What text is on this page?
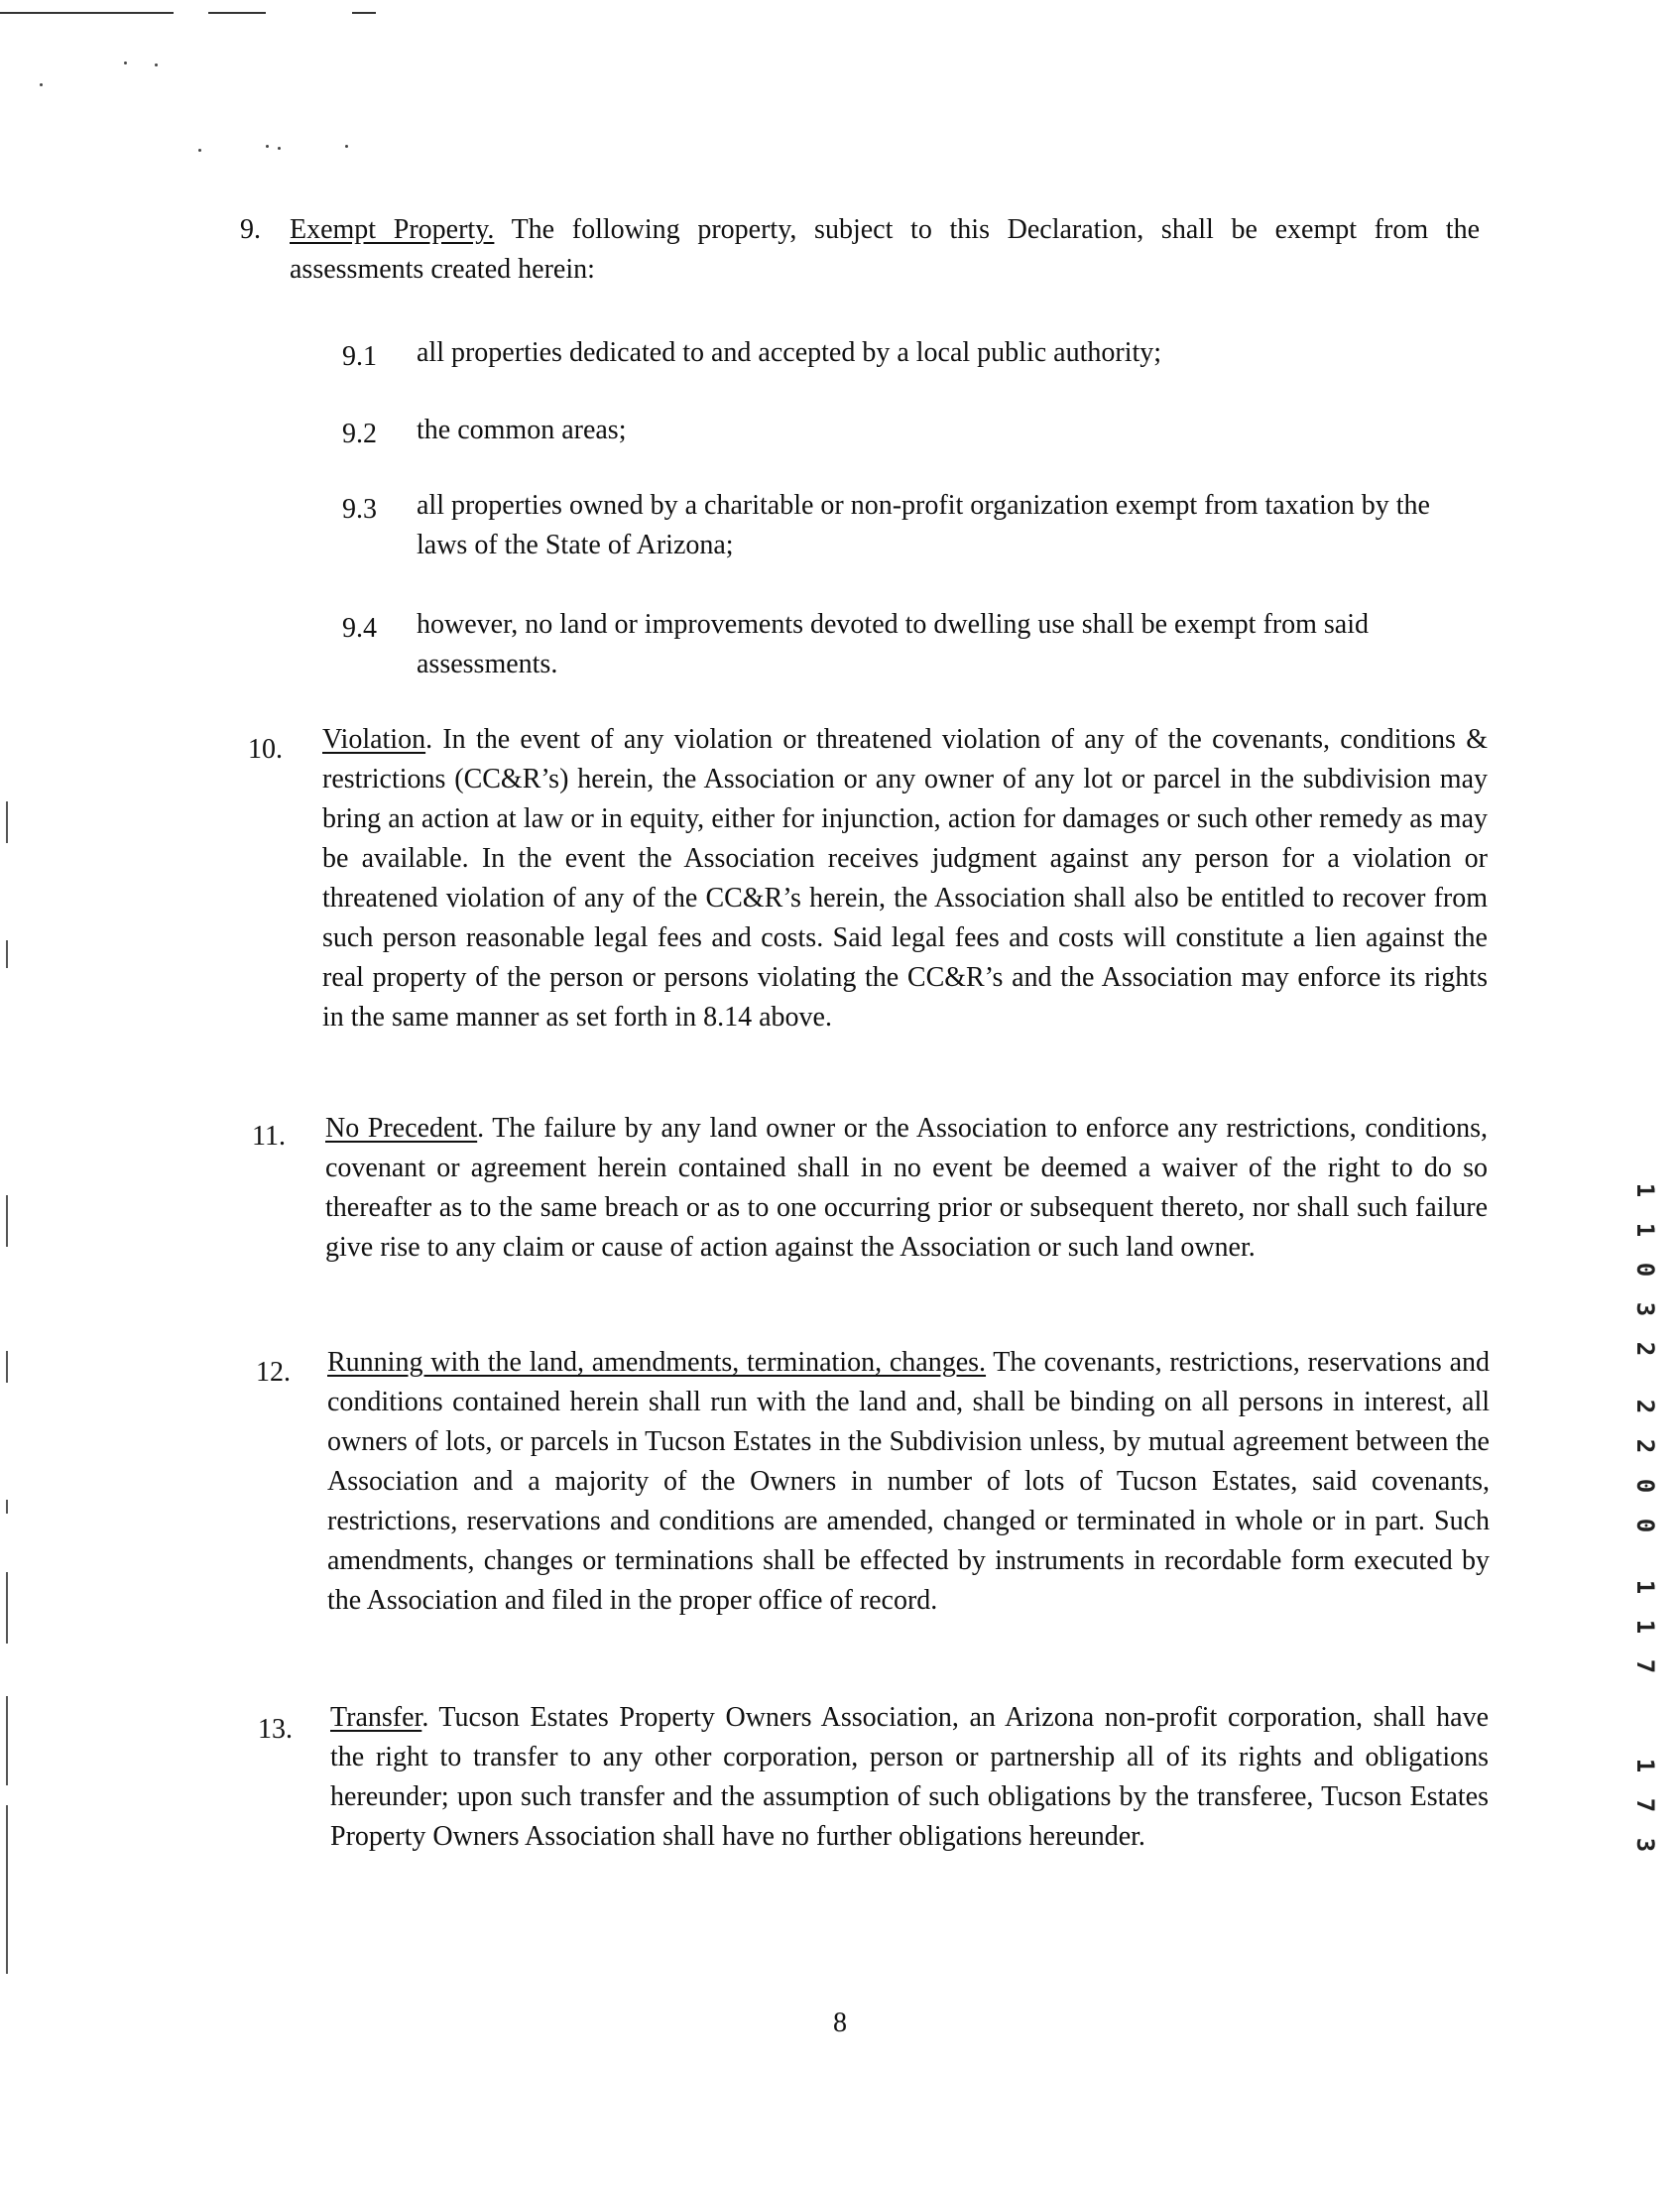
9. Exempt Property. The following property, subject to this Declaration, shall be exempt from the assessments created herein:
9.1 all properties dedicated to and accepted by a local public authority;
9.2 the common areas;
9.3 all properties owned by a charitable or non-profit organization exempt from taxation by the laws of the State of Arizona;
9.4 however, no land or improvements devoted to dwelling use shall be exempt from said assessments.
10. Violation. In the event of any violation or threatened violation of any of the covenants, conditions & restrictions (CC&R’s) herein, the Association or any owner of any lot or parcel in the subdivision may bring an action at law or in equity, either for injunction, action for damages or such other remedy as may be available. In the event the Association receives judgment against any person for a violation or threatened violation of any of the CC&R’s herein, the Association shall also be entitled to recover from such person reasonable legal fees and costs. Said legal fees and costs will constitute a lien against the real property of the person or persons violating the CC&R’s and the Association may enforce its rights in the same manner as set forth in 8.14 above.
11. No Precedent. The failure by any land owner or the Association to enforce any restrictions, conditions, covenant or agreement herein contained shall in no event be deemed a waiver of the right to do so thereafter as to the same breach or as to one occurring prior or subsequent thereto, nor shall such failure give rise to any claim or cause of action against the Association or such land owner.
12. Running with the land, amendments, termination, changes. The covenants, restrictions, reservations and conditions contained herein shall run with the land and, shall be binding on all persons in interest, all owners of lots, or parcels in Tucson Estates in the Subdivision unless, by mutual agreement between the Association and a majority of the Owners in number of lots of Tucson Estates, said covenants, restrictions, reservations and conditions are amended, changed or terminated in whole or in part. Such amendments, changes or terminations shall be effected by instruments in recordable form executed by the Association and filed in the proper office of record.
13. Transfer. Tucson Estates Property Owners Association, an Arizona non-profit corporation, shall have the right to transfer to any other corporation, person or partnership all of its rights and obligations hereunder; upon such transfer and the assumption of such obligations by the transferee, Tucson Estates Property Owners Association shall have no further obligations hereunder.
8
1
1
0
3
2
2
2
0
0
1
1
7
1
7
3
